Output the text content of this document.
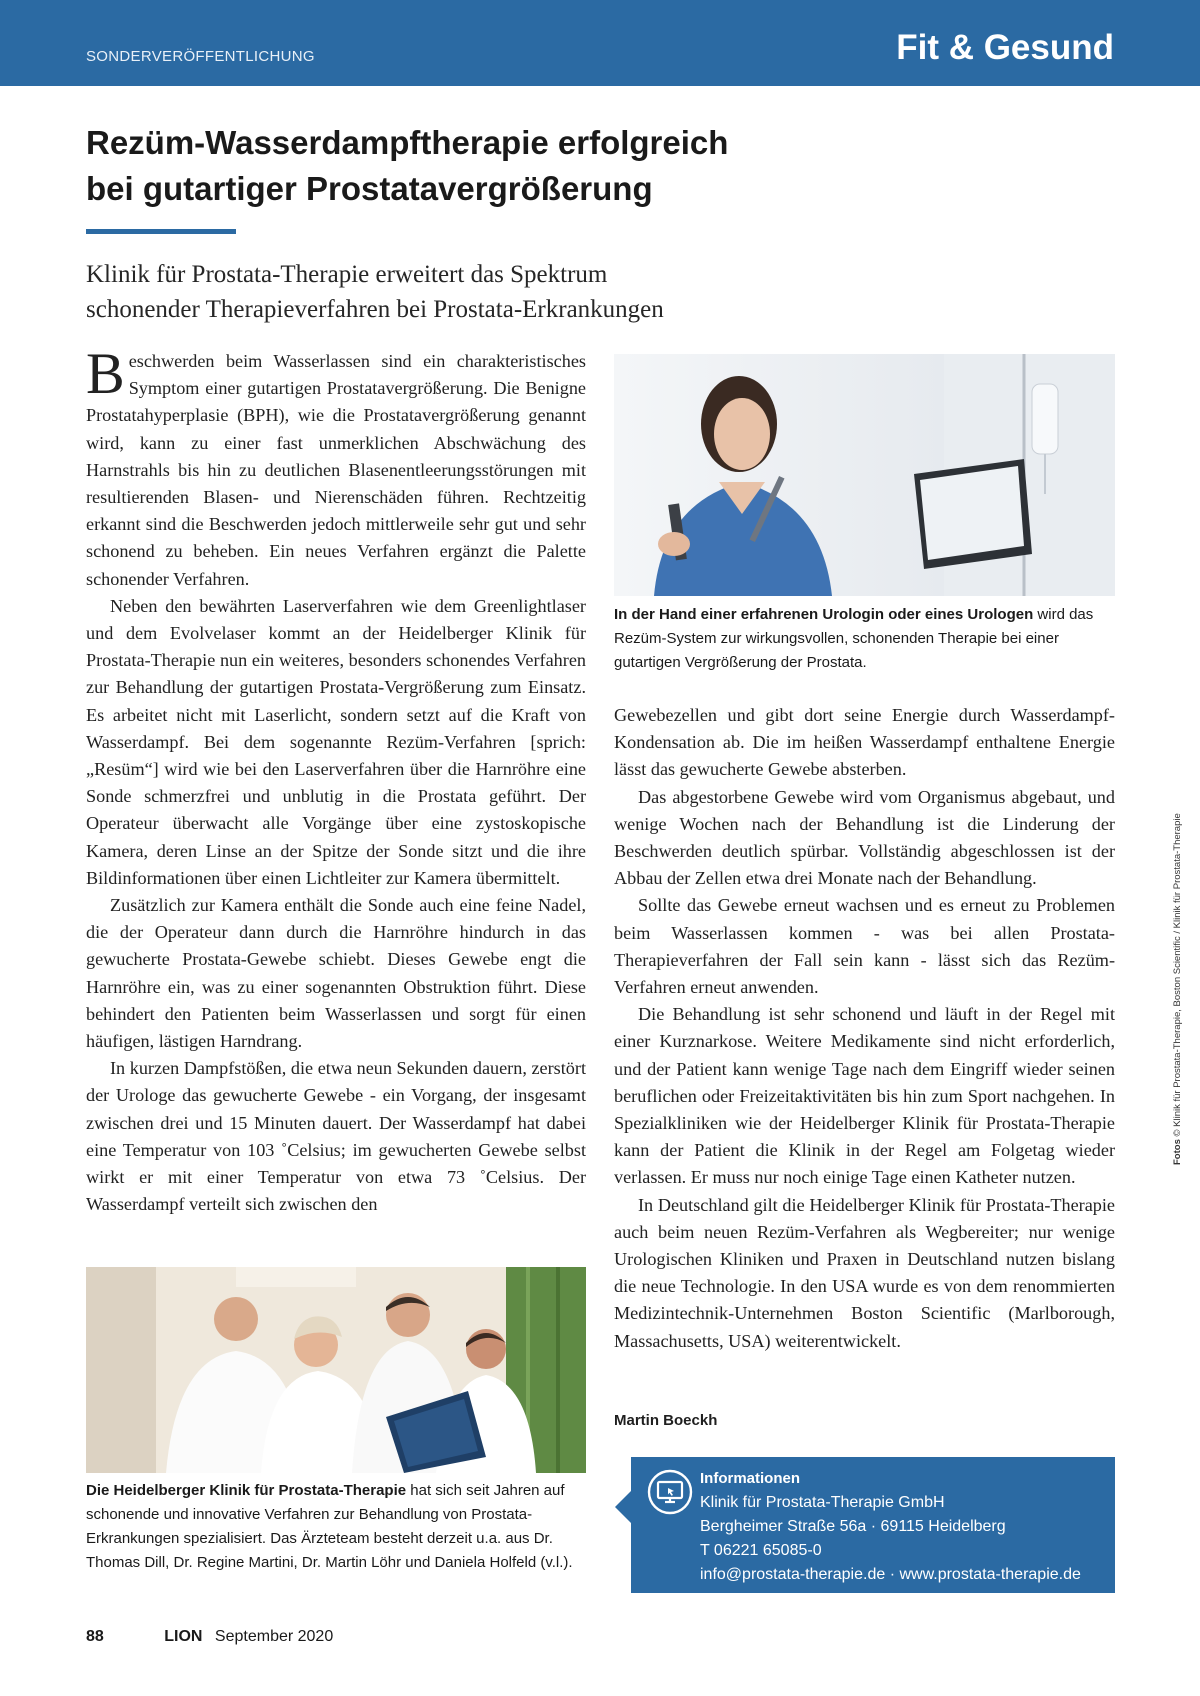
SONDERVERÖFFENTLICHUNG	Fit & Gesund
Rezüm-Wasserdampftherapie erfolgreich
bei gutartiger Prostatavergrößerung
Klinik für Prostata-Therapie erweitert das Spektrum
schonender Therapieverfahren bei Prostata-Erkrankungen

Beschwerden beim Wasserlassen sind ein charakteristisches Symptom einer gutartigen Prostatavergrößerung. Die Benigne Prostatahyperplasie (BPH), wie die Prostatavergrößerung genannt wird, kann zu einer fast unmerklichen Abschwächung des Harnstrahls bis hin zu deutlichen Blasenentleerungsstörungen mit resultierenden Blasen- und Nierenschäden führen. Rechtzeitig erkannt sind die Beschwerden jedoch mittlerweile sehr gut und sehr schonend zu beheben. Ein neues Verfahren ergänzt die Palette schonender Verfahren.

Neben den bewährten Laserverfahren wie dem Greenlightlaser und dem Evolvelaser kommt an der Heidelberger Klinik für Prostata-Therapie nun ein weiteres, besonders schonendes Verfahren zur Behandlung der gutartigen Prostata-Vergrößerung zum Einsatz. Es arbeitet nicht mit Laserlicht, sondern setzt auf die Kraft von Wasserdampf. Bei dem sogenannte Rezüm-Verfahren [sprich: „Resüm“] wird wie bei den Laserverfahren über die Harnröhre eine Sonde schmerzfrei und unblutig in die Prostata geführt. Der Operateur überwacht alle Vorgänge über eine zystoskopische Kamera, deren Linse an der Spitze der Sonde sitzt und die ihre Bildinformationen über einen Lichtleiter zur Kamera übermittelt.

Zusätzlich zur Kamera enthält die Sonde auch eine feine Nadel, die der Operateur dann durch die Harnröhre hindurch in das gewucherte Prostata-Gewebe schiebt. Dieses Gewebe engt die Harnröhre ein, was zu einer sogenannten Obstruktion führt. Diese behindert den Patienten beim Wasserlassen und sorgt für einen häufigen, lästigen Harndrang.

In kurzen Dampfstößen, die etwa neun Sekunden dauern, zerstört der Urologe das gewucherte Gewebe - ein Vorgang, der insgesamt zwischen drei und 15 Minuten dauert. Der Wasserdampf hat dabei eine Temperatur von 103 ˚Celsius; im gewucherten Gewebe selbst wirkt er mit einer Temperatur von etwa 73 ˚Celsius. Der Wasserdampf verteilt sich zwischen den

In der Hand einer erfahrenen Urologin oder eines Urologen wird das Rezüm-System zur wirkungsvollen, schonenden Therapie bei einer gutartigen Vergrößerung der Prostata.

Gewebezellen und gibt dort seine Energie durch Wasserdampf-Kondensation ab. Die im heißen Wasserdampf enthaltene Energie lässt das gewucherte Gewebe absterben.

Das abgestorbene Gewebe wird vom Organismus abgebaut, und wenige Wochen nach der Behandlung ist die Linderung der Beschwerden deutlich spürbar. Vollständig abgeschlossen ist der Abbau der Zellen etwa drei Monate nach der Behandlung.

Sollte das Gewebe erneut wachsen und es erneut zu Problemen beim Wasserlassen kommen - was bei allen Prostata-Therapieverfahren der Fall sein kann - lässt sich das Rezüm-Verfahren erneut anwenden.

Die Behandlung ist sehr schonend und läuft in der Regel mit einer Kurznarkose. Weitere Medikamente sind nicht erforderlich, und der Patient kann wenige Tage nach dem Eingriff wieder seinen beruflichen oder Freizeitaktivitäten bis hin zum Sport nachgehen. In Spezialkliniken wie der Heidelberger Klinik für Prostata-Therapie kann der Patient die Klinik in der Regel am Folgetag wieder verlassen. Er muss nur noch einige Tage einen Katheter nutzen.

In Deutschland gilt die Heidelberger Klinik für Prostata-Therapie auch beim neuen Rezüm-Verfahren als Wegbereiter; nur wenige Urologischen Kliniken und Praxen in Deutschland nutzen bislang die neue Technologie. In den USA wurde es von dem renommierten Medizintechnik-Unternehmen Boston Scientific (Marlborough, Massachusetts, USA) weiterentwickelt.

Die Heidelberger Klinik für Prostata-Therapie hat sich seit Jahren auf schonende und innovative Verfahren zur Behandlung von Prostata-Erkrankungen spezialisiert. Das Ärzteteam besteht derzeit u.a. aus Dr. Thomas Dill, Dr. Regine Martini, Dr. Martin Löhr und Daniela Holfeld (v.l.).
Martin Boeckh
Informationen
Klinik für Prostata-Therapie GmbH
Bergheimer Straße 56a · 69115 Heidelberg
T 06221 65085-0
info@prostata-therapie.de · www.prostata-therapie.de
Fotos © Klinik für Prostata-Therapie, Boston Scientific / Klinik für Prostata-Therapie
88	LION September 2020
